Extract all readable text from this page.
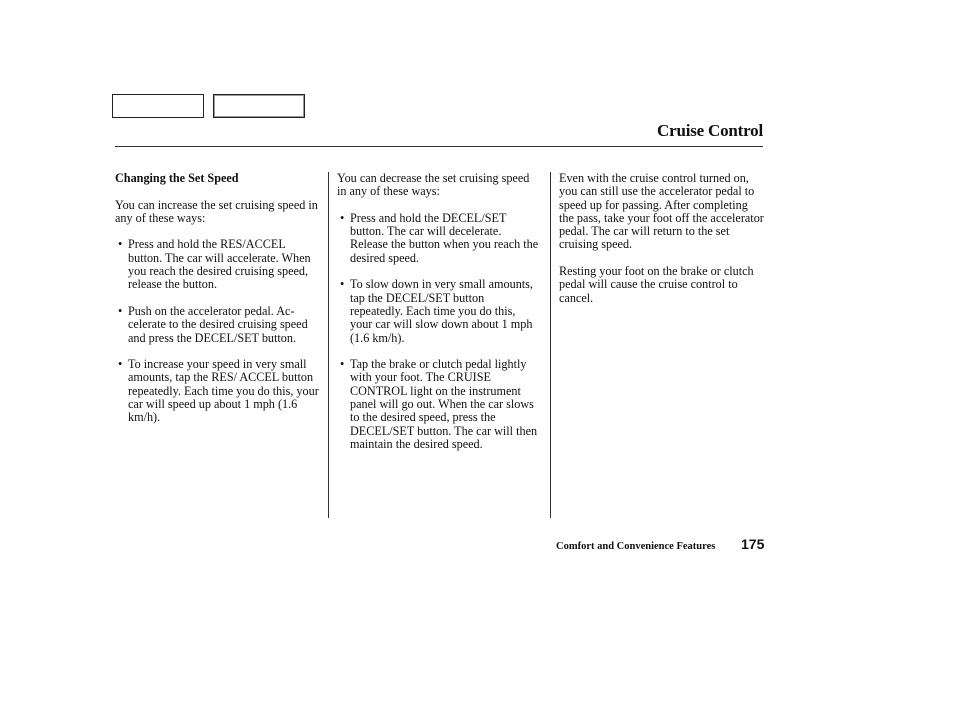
Cruise Control

Changing the Set Speed

You can increase the set cruising speed in any of these ways:

• Press and hold the RES/ACCEL button. The car will accelerate. When you reach the desired cruising speed, release the button.
• Push on the accelerator pedal. Ac-celerate to the desired cruising speed and press the DECEL/SET button.
• To increase your speed in very small amounts, tap the RES/ ACCEL button repeatedly. Each time you do this, your car will speed up about 1 mph (1.6 km/h).

You can decrease the set cruising speed in any of these ways:

• Press and hold the DECEL/SET button. The car will decelerate. Release the button when you reach the desired speed.
• To slow down in very small amounts, tap the DECEL/SET button repeatedly. Each time you do this, your car will slow down about 1 mph (1.6 km/h).
• Tap the brake or clutch pedal lightly with your foot. The CRUISE CONTROL light on the instrument panel will go out. When the car slows to the desired speed, press the DECEL/SET button. The car will then maintain the desired speed.

Even with the cruise control turned on, you can still use the accelerator pedal to speed up for passing. After completing the pass, take your foot off the accelerator pedal. The car will return to the set cruising speed.

Resting your foot on the brake or clutch pedal will cause the cruise control to cancel.

Comfort and Convenience Features 175
